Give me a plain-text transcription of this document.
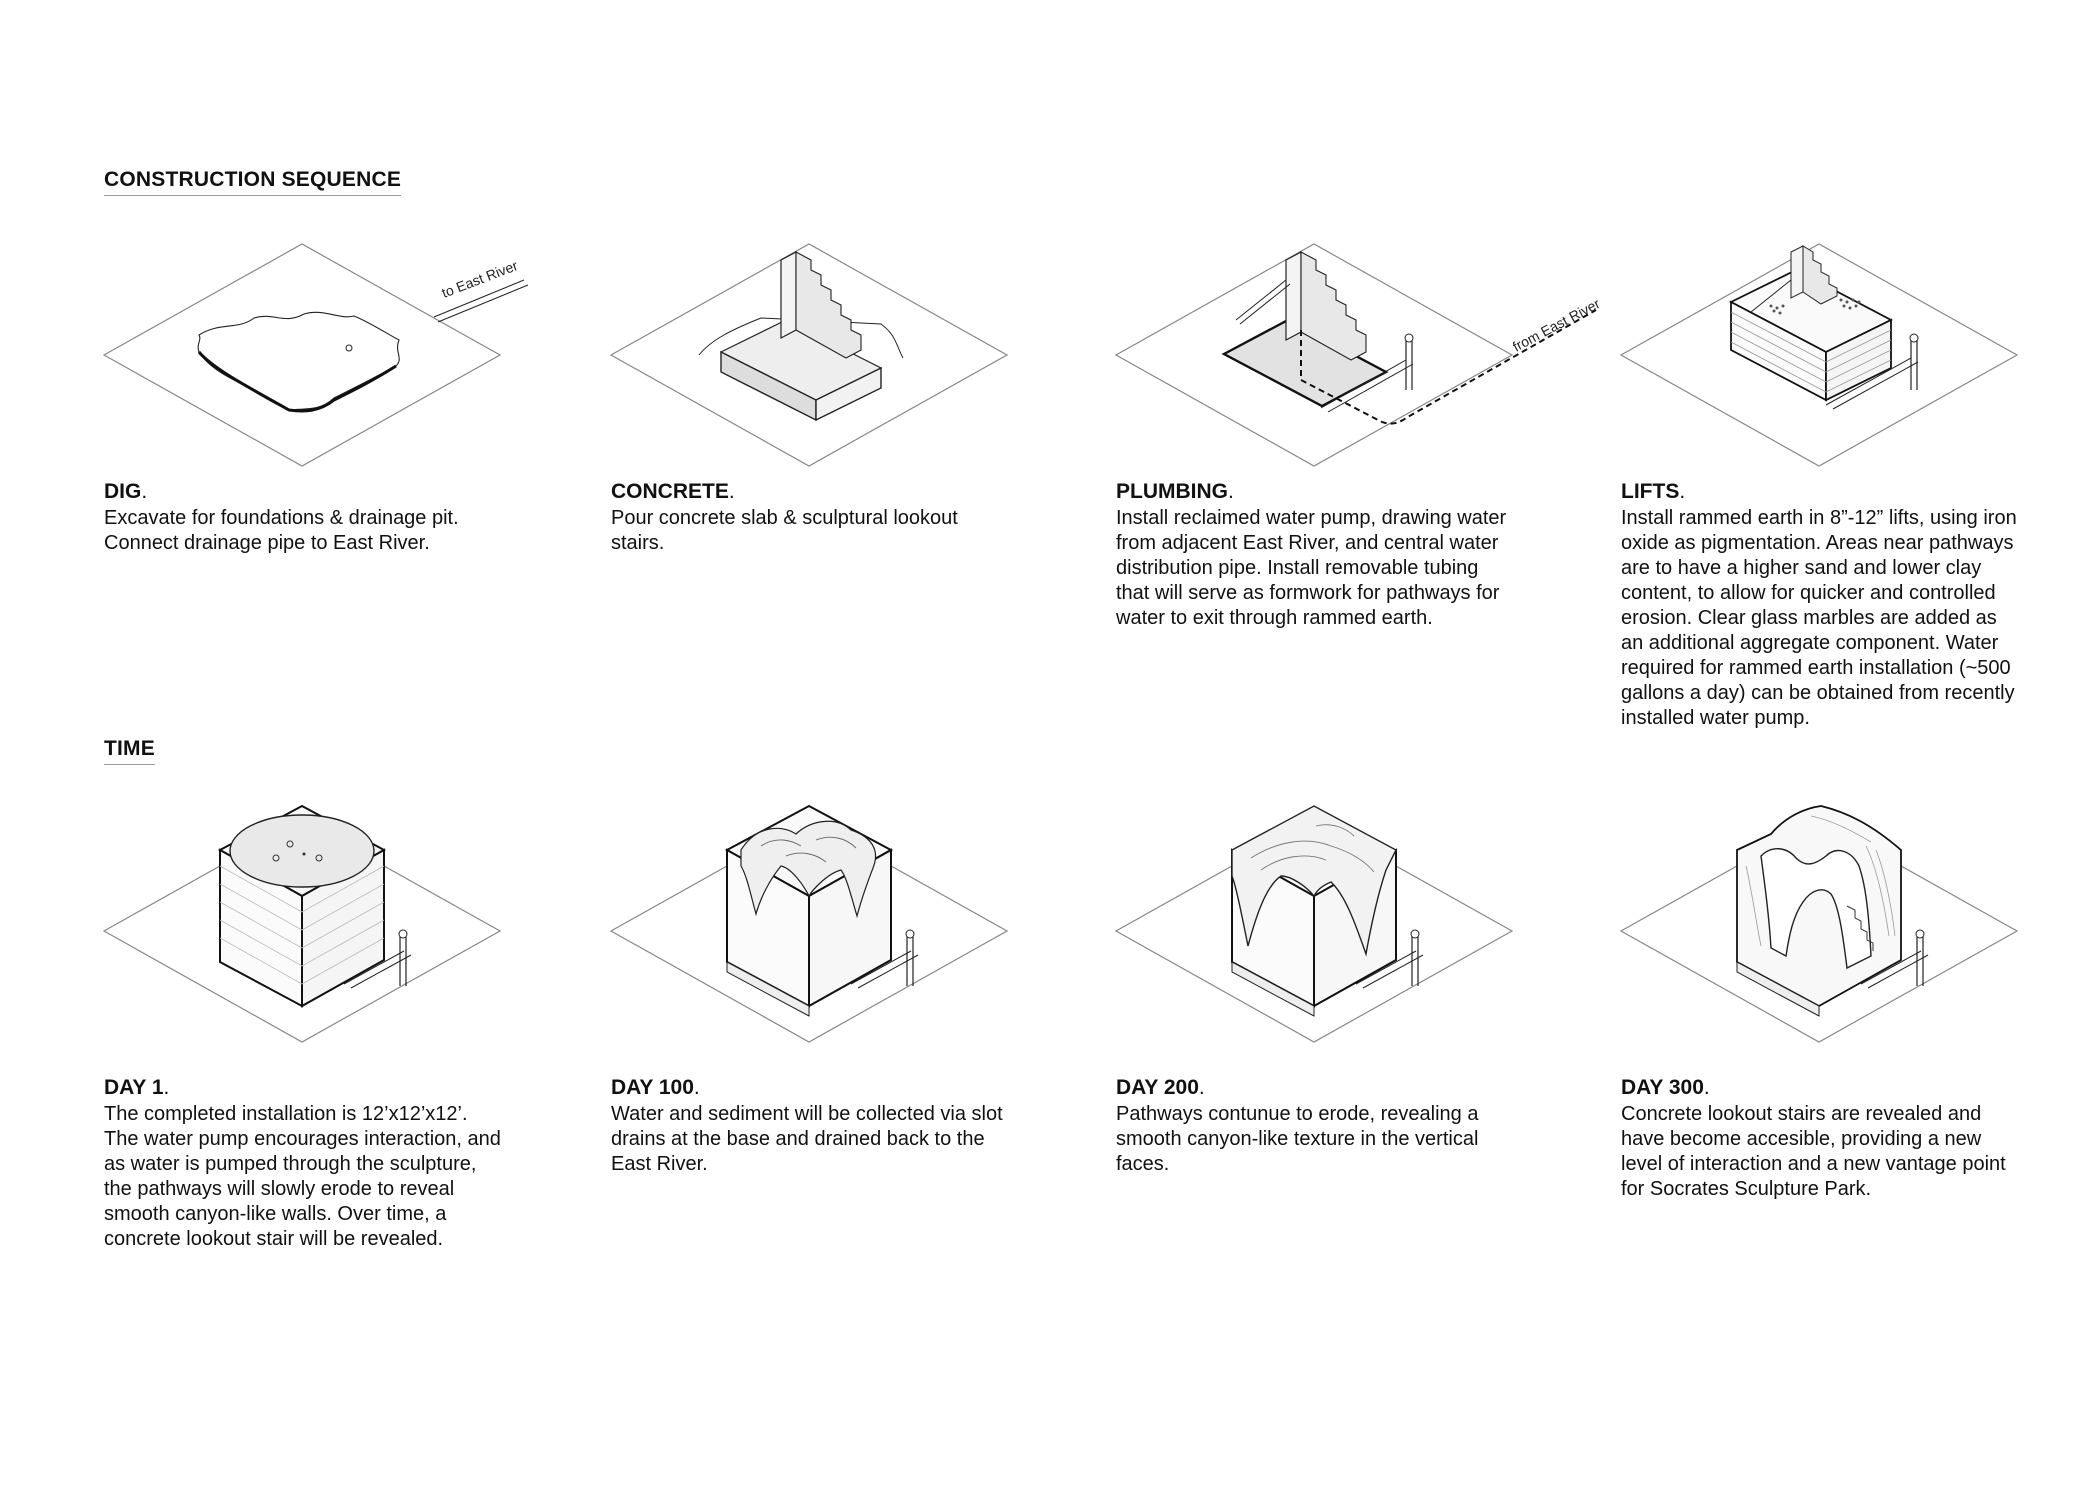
CONSTRUCTION SEQUENCE
TIME
to East River
DIG.
Excavate for foundations & drainage pit. Connect drainage pipe to East River.
CONCRETE.
Pour concrete slab & sculptural lookout stairs.
from East River
PLUMBING.
Install reclaimed water pump, drawing water from adjacent East River, and central water distribution pipe. Install removable tubing that will serve as formwork for pathways for water to exit through rammed earth.
LIFTS.
Install rammed earth in 8”-12” lifts, using iron oxide as pigmentation. Areas near pathways are to have a higher sand and lower clay content, to allow for quicker and controlled erosion. Clear glass marbles are added as an additional aggregate component. Water required for rammed earth installation (~500 gallons a day) can be obtained from recently installed water pump.
DAY 1.
The completed installation is 12’x12’x12’. The water pump encourages interaction, and as water is pumped through the sculpture, the pathways will slowly erode to reveal smooth canyon-like walls. Over time, a concrete lookout stair will be revealed.
DAY 100.
Water and sediment will be collected via slot drains at the base and drained back to the East River.
DAY 200.
Pathways contunue to erode, revealing a smooth canyon-like texture in the vertical faces.
DAY 300.
Concrete lookout stairs are revealed and have become accesible, providing a new level of interaction and a new vantage point for Socrates Sculpture Park.
